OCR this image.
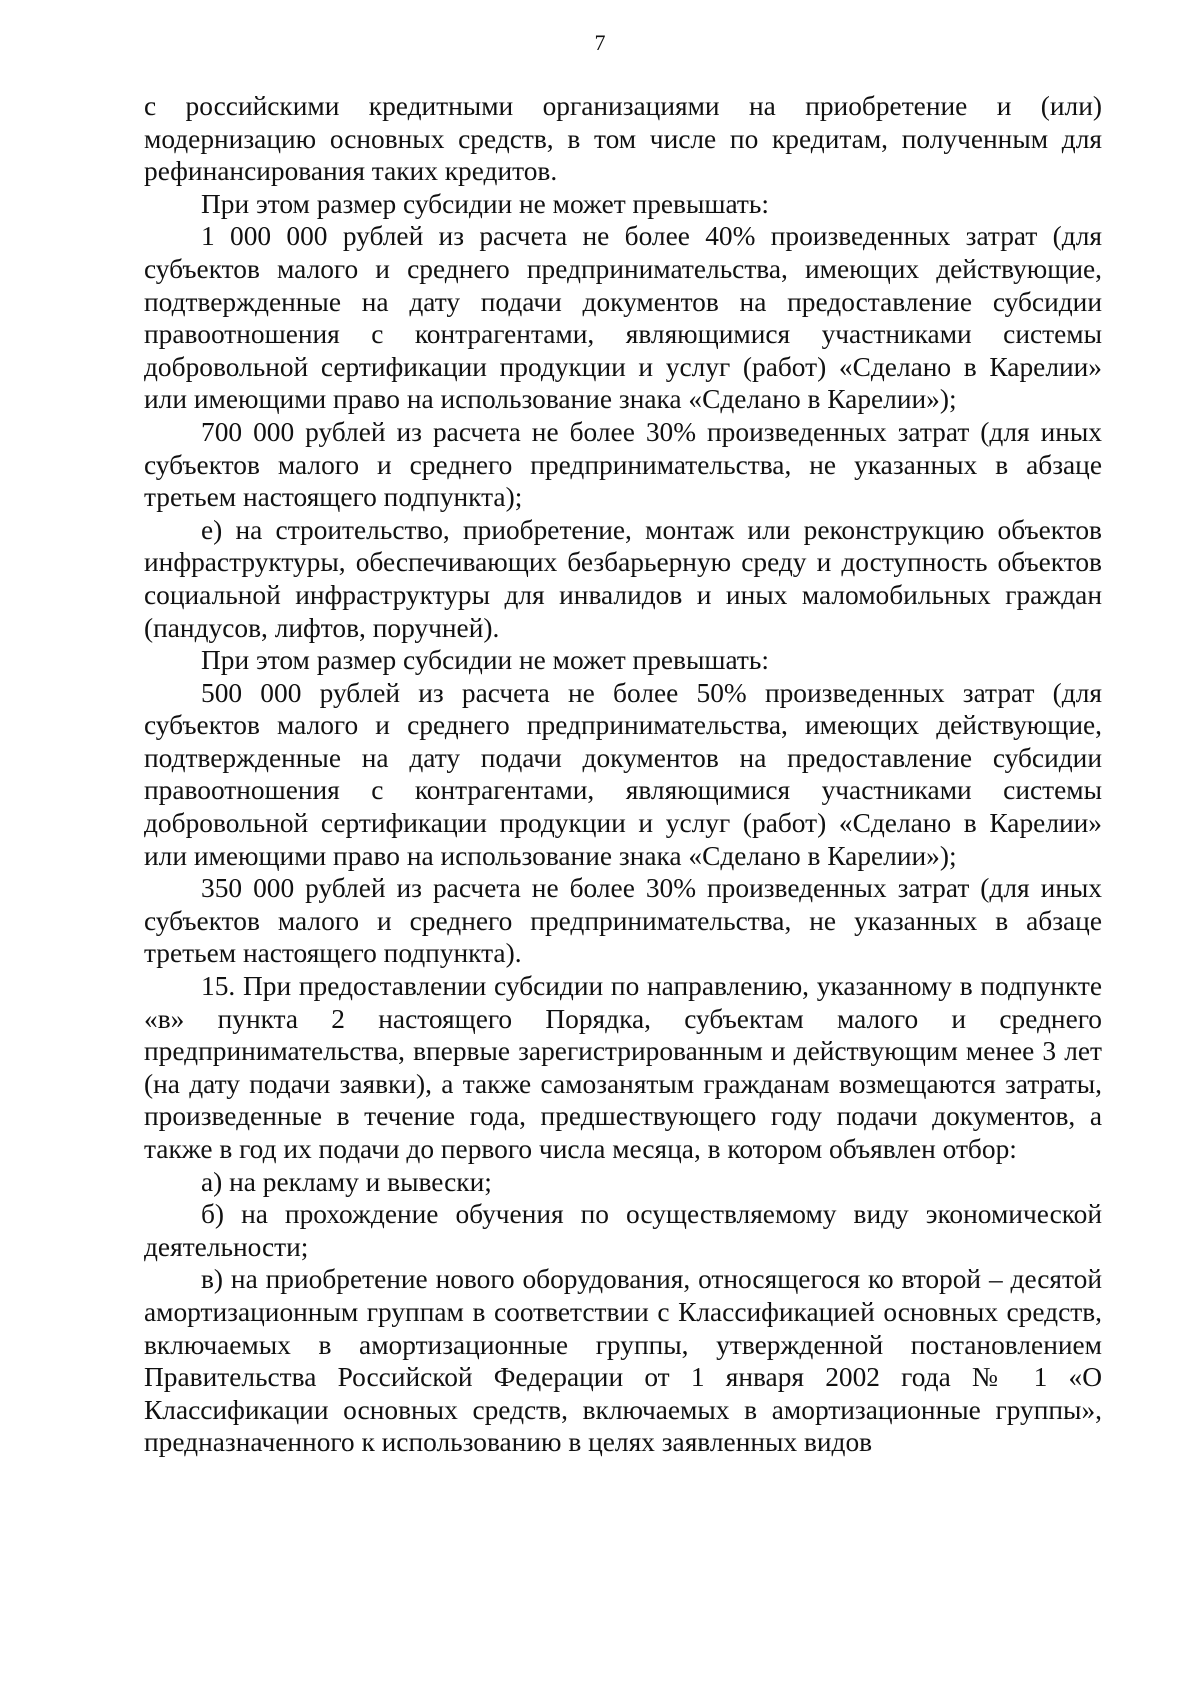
7

с российскими кредитными организациями на приобретение и (или) модернизацию основных средств, в том числе по кредитам, полученным для рефинансирования таких кредитов.

При этом размер субсидии не может превышать:

1 000 000 рублей из расчета не более 40% произведенных затрат (для субъектов малого и среднего предпринимательства, имеющих действующие, подтвержденные на дату подачи документов на предоставление субсидии правоотношения с контрагентами, являющимися участниками системы добровольной сертификации продукции и услуг (работ) «Сделано в Карелии» или имеющими право на использование знака «Сделано в Карелии»);

700 000 рублей из расчета не более 30% произведенных затрат (для иных субъектов малого и среднего предпринимательства, не указанных в абзаце третьем настоящего подпункта);

е) на строительство, приобретение, монтаж или реконструкцию объектов инфраструктуры, обеспечивающих безбарьерную среду и доступность объектов социальной инфраструктуры для инвалидов и иных маломобильных граждан (пандусов, лифтов, поручней).

При этом размер субсидии не может превышать:

500 000 рублей из расчета не более 50% произведенных затрат (для субъектов малого и среднего предпринимательства, имеющих действующие, подтвержденные на дату подачи документов на предоставление субсидии правоотношения с контрагентами, являющимися участниками системы добровольной сертификации продукции и услуг (работ) «Сделано в Карелии» или имеющими право на использование знака «Сделано в Карелии»);

350 000 рублей из расчета не более 30% произведенных затрат (для иных субъектов малого и среднего предпринимательства, не указанных в абзаце третьем настоящего подпункта).

15. При предоставлении субсидии по направлению, указанному в подпункте «в» пункта 2 настоящего Порядка, субъектам малого и среднего предпринимательства, впервые зарегистрированным и действующим менее 3 лет (на дату подачи заявки), а также самозанятым гражданам возмещаются затраты, произведенные в течение года, предшествующего году подачи документов, а также в год их подачи до первого числа месяца, в котором объявлен отбор:

а) на рекламу и вывески;

б) на прохождение обучения по осуществляемому виду экономической деятельности;

в) на приобретение нового оборудования, относящегося ко второй – десятой амортизационным группам в соответствии с Классификацией основных средств, включаемых в амортизационные группы, утвержденной постановлением Правительства Российской Федерации от 1 января 2002 года № 1 «О Классификации основных средств, включаемых в амортизационные группы», предназначенного к использованию в целях заявленных видов
